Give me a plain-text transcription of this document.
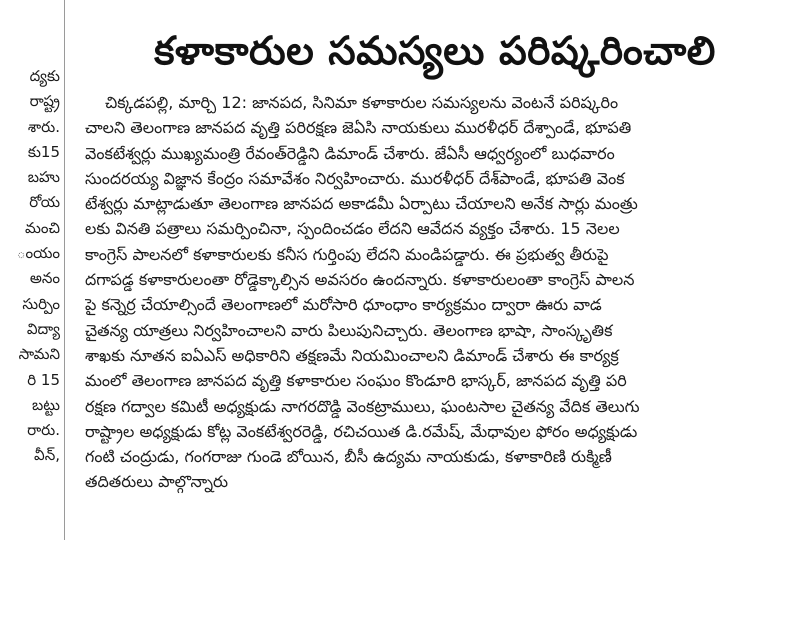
ద్యకు
రాష్ట్ర
శారు.
కు15
బహు
రోయ
మంచి
ంయం
అనం
సుర్పిం
విద్యా
సామని
రి 15
బట్టు
రారు.
వీన్,
కళాకారుల సమస్యలు పరిష్కరించాలి
చిక్కడపల్లి, మార్చి 12: జానపద, సినిమా కళాకారుల సమస్యలను వెంటనే పరిష్కరిం
చాలని తెలంగాణ జానపద వృత్తి పరిరక్షణ జెఏసి నాయకులు మురళీధర్ దేశ్పాండే, భూపతి
వెంకటేశ్వర్లు ముఖ్యమంత్రి రేవంత్‌రెడ్డిని డిమాండ్ చేశారు. జేఏసీ ఆధ్వర్యంలో బుధవారం
సుందరయ్య విజ్ఞాన కేంద్రం సమావేశం నిర్వహించారు. మురళీధర్ దేశ్‌పాండే, భూపతి వెంక
టేశ్వర్లు మాట్లాడుతూ తెలంగాణ జానపద అకాడమీ ఏర్పాటు చేయాలని అనేక సార్లు మంత్రు
లకు వినతి పత్రాలు సమర్పించినా, స్పందించడం లేదని ఆవేదన వ్యక్తం చేశారు. 15 నెలల
కాంగ్రెస్ పాలనలో కళాకారులకు కనీస గుర్తింపు లేదని మండిపడ్డారు. ఈ ప్రభుత్వ తీరుపై
దగాపడ్డ కళాకారులంతా రోడ్డెక్కాల్సిన అవసరం ఉందన్నారు. కళాకారులంతా కాంగ్రెస్ పాలన
పై కన్నెర్ర చేయాల్సిందే తెలంగాణలో మరోసారి ధూంధాం కార్యక్రమం ద్వారా ఊరు వాడ
చైతన్య యాత్రలు నిర్వహించాలని వారు పిలుపునిచ్చారు. తెలంగాణ భాషా, సాంస్కృతిక
శాఖకు నూతన ఐఏఎస్ అధికారిని తక్షణమే నియమించాలని డిమాండ్ చేశారు ఈ కార్యక్ర
మంలో తెలంగాణ జానపద వృత్తి కళాకారుల సంఘం కొండూరి భాస్కర్, జానపద వృత్తి పరి
రక్షణ గద్వాల కమిటీ అధ్యక్షుడు నాగరదొడ్డి వెంకట్రాములు, ఘంటసాల చైతన్య వేదిక తెలుగు
రాష్ట్రాల అధ్యక్షుడు కోట్ల వెంకటేశ్వరరెడ్డి, రచిచయిత డి.రమేష్, మేధావుల ఫోరం అధ్యక్షుడు
గంటి చంద్రుడు, గంగరాజు గుండె బోయిన, బీసీ ఉద్యమ నాయకుడు, కళాకారిణి రుక్మిణీ
తదితరులు పాల్గొన్నారు
